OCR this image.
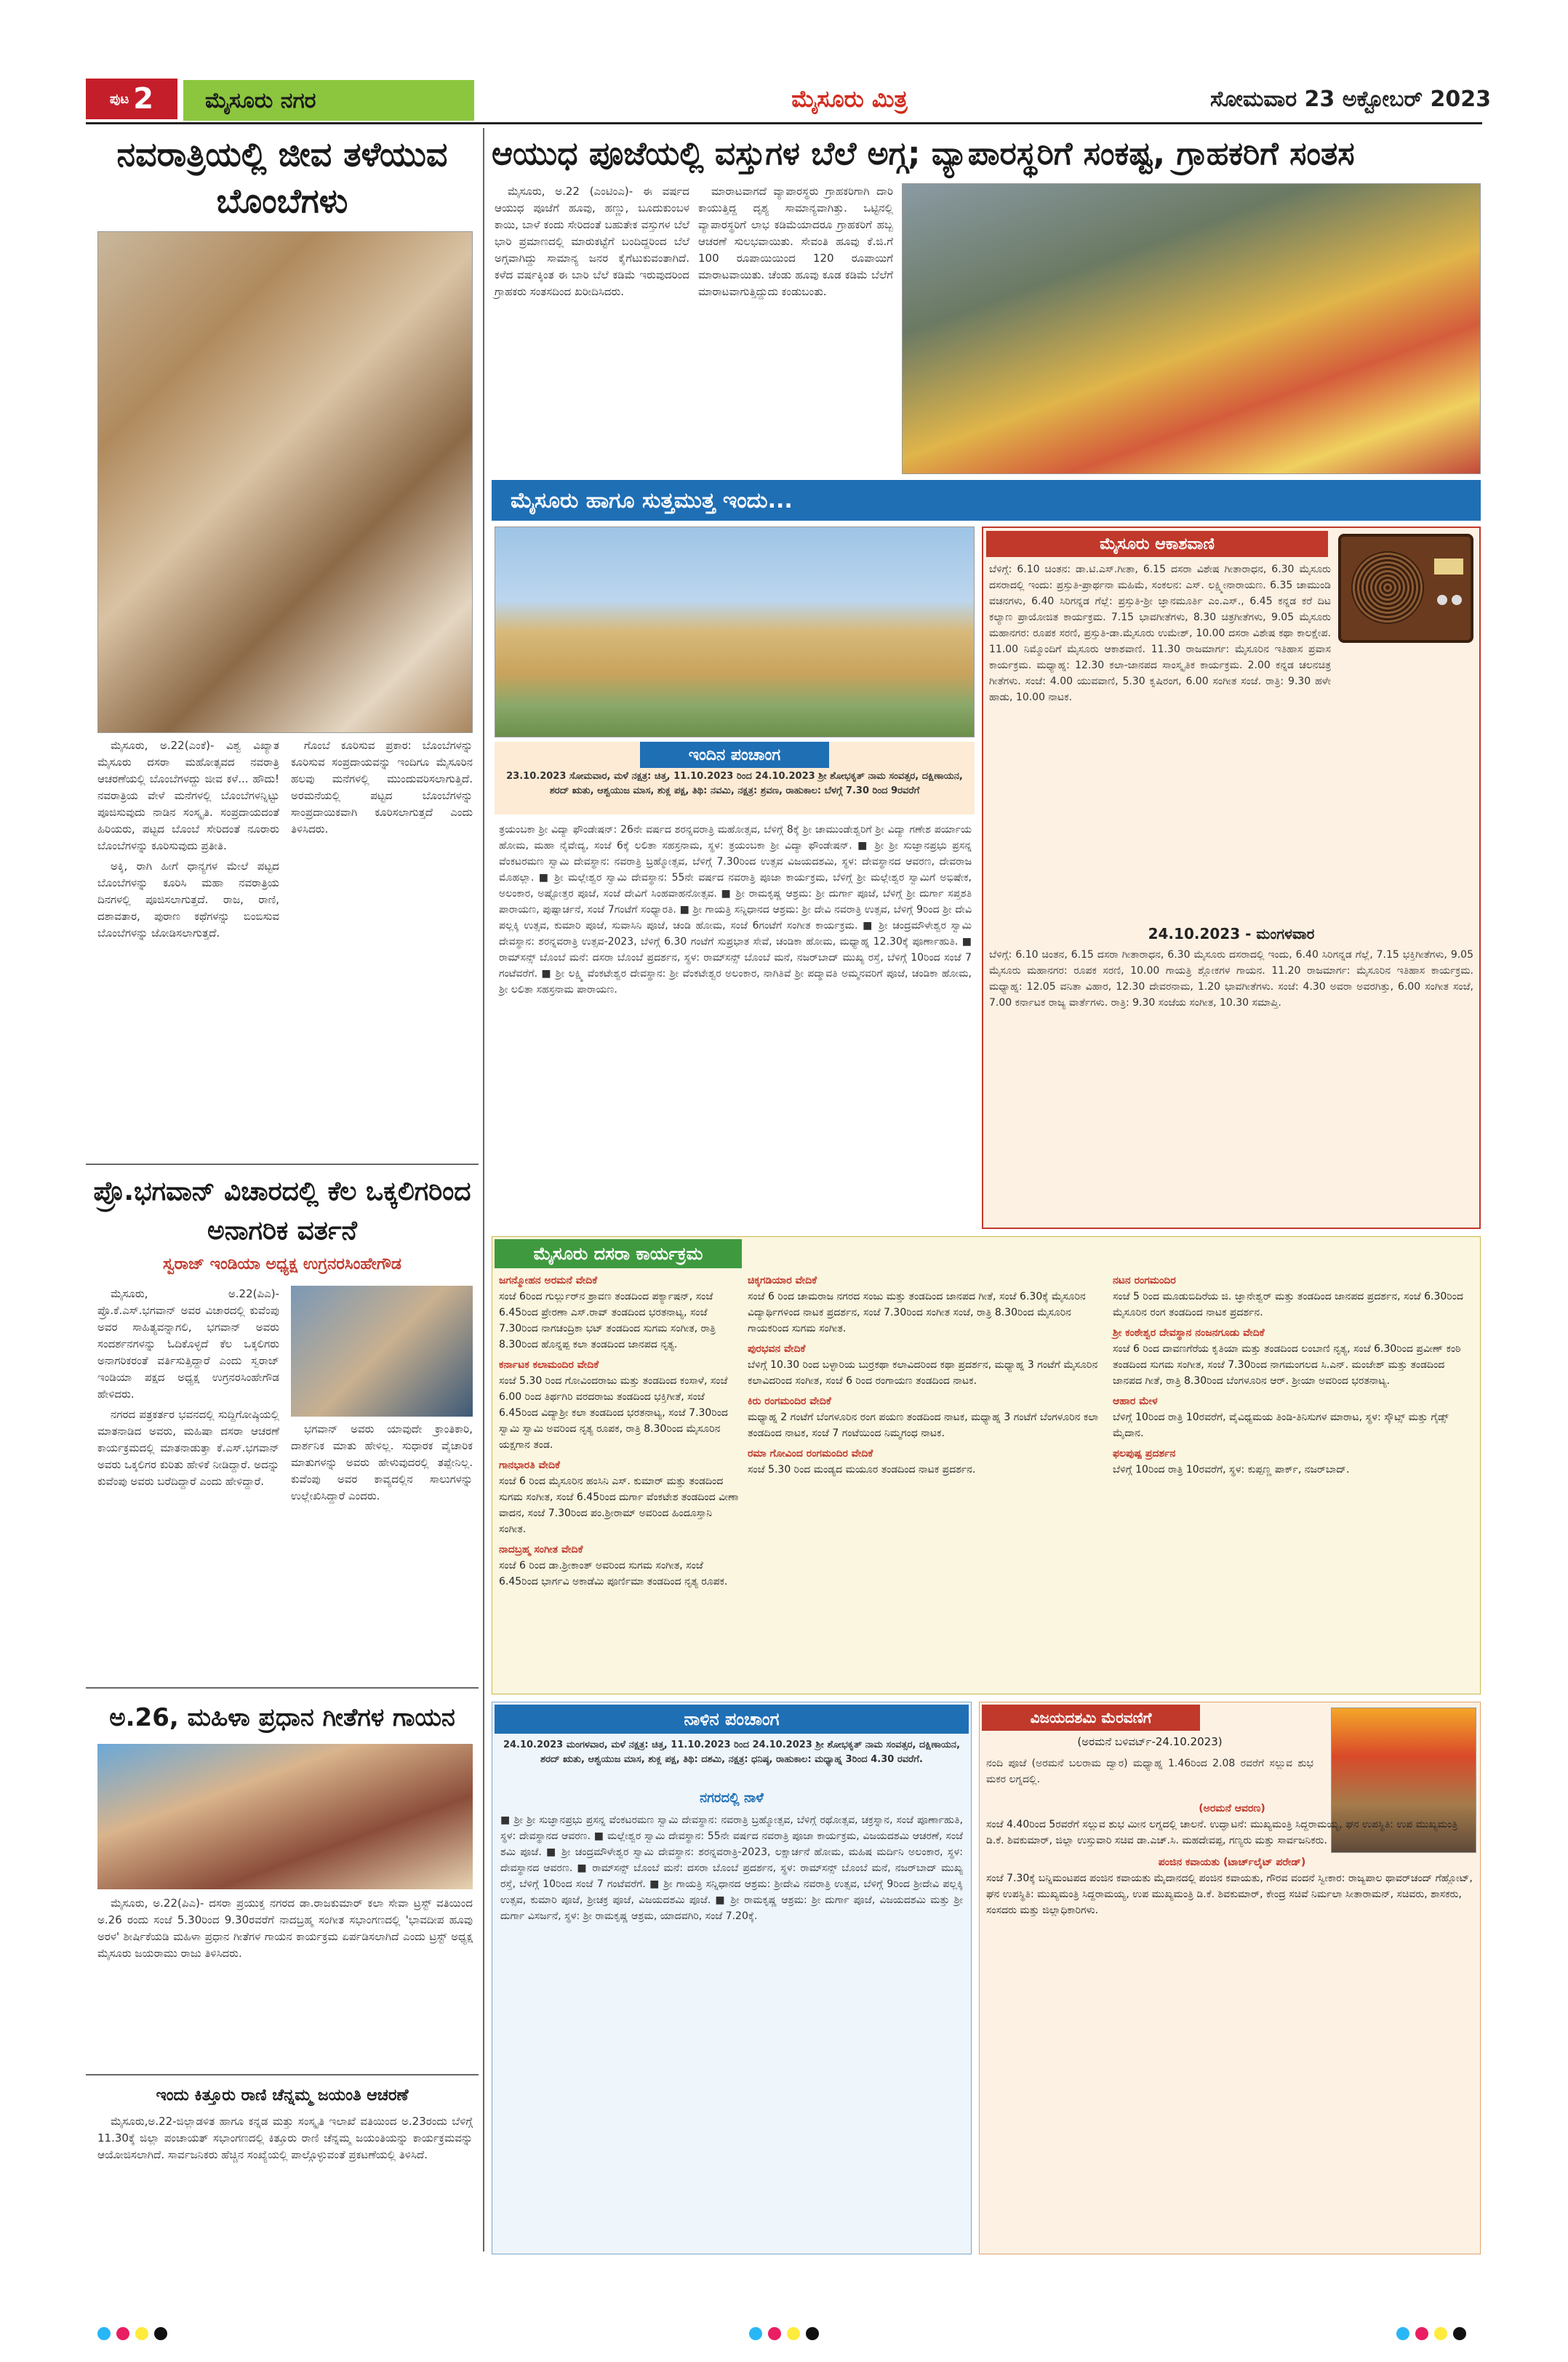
ಪುಟ 2	ಮೈಸೂರು ನಗರ	ಮೈಸೂರು ಮಿತ್ರ	ಸೋಮವಾರ 23 ಅಕ್ಟೋಬರ್ 2023
ನವರಾತ್ರಿಯಲ್ಲಿ ಜೀವ ತಳೆಯುವ ಬೊಂಬೆಗಳು

ಮೈಸೂರು, ಅ.22(ಎಂಕೆ)- ವಿಶ್ವ ವಿಖ್ಯಾತ ಮೈಸೂರು ದಸರಾ ಮಹೋತ್ಸವದ ನವರಾತ್ರಿ ಆಚರಣೆಯಲ್ಲಿ ಬೊಂಬೆಗಳದ್ದು ಜೀವ ಕಳೆ... ಹೌದು! ನವರಾತ್ರಿಯ ವೇಳೆ ಮನೆಗಳಲ್ಲಿ ಬೊಂಬೆಗಳನ್ನಿಟ್ಟು ಪೂಜಿಸುವುದು ನಾಡಿನ ಸಂಸ್ಕೃತಿ. ಸಂಪ್ರದಾಯದಂತೆ ಹಿರಿಯರು, ಪಟ್ಟದ ಬೊಂಬೆ ಸೇರಿದಂತೆ ನೂರಾರು ಬೊಂಬೆಗಳನ್ನು ಕೂರಿಸುವುದು ಪ್ರತೀತಿ.

ಅಕ್ಕಿ, ರಾಗಿ ಹೀಗೆ ಧಾನ್ಯಗಳ ಮೇಲೆ ಪಟ್ಟದ ಬೊಂಬೆಗಳನ್ನು ಕೂರಿಸಿ ಮಹಾ ನವರಾತ್ರಿಯ ದಿನಗಳಲ್ಲಿ ಪೂಜಿಸಲಾಗುತ್ತದೆ. ರಾಜ, ರಾಣಿ, ದಶಾವತಾರ, ಪುರಾಣ ಕಥೆಗಳನ್ನು ಬಿಂಬಿಸುವ ಬೊಂಬೆಗಳನ್ನು ಜೋಡಿಸಲಾಗುತ್ತದೆ.

ಗೊಂಬೆ ಕೂರಿಸುವ ಪ್ರಕಾರ: ಬೊಂಬೆಗಳನ್ನು ಕೂರಿಸುವ ಸಂಪ್ರದಾಯವನ್ನು ಇಂದಿಗೂ ಮೈಸೂರಿನ ಹಲವು ಮನೆಗಳಲ್ಲಿ ಮುಂದುವರಿಸಲಾಗುತ್ತಿದೆ. ಅರಮನೆಯಲ್ಲಿ ಪಟ್ಟದ ಬೊಂಬೆಗಳನ್ನು ಸಾಂಪ್ರದಾಯಿಕವಾಗಿ ಕೂರಿಸಲಾಗುತ್ತದೆ ಎಂದು ತಿಳಿಸಿದರು.

ಪ್ರೊ.ಭಗವಾನ್ ವಿಚಾರದಲ್ಲಿ ಕೆಲ ಒಕ್ಕಲಿಗರಿಂದ ಅನಾಗರಿಕ ವರ್ತನೆ
ಸ್ವರಾಜ್ ಇಂಡಿಯಾ ಅಧ್ಯಕ್ಷ ಉಗ್ರನರಸಿಂಹೇಗೌಡ

ಮೈಸೂರು, ಅ.22(ಪಿಎ)-ಪ್ರೊ.ಕೆ.ಎಸ್.ಭಗವಾನ್ ಅವರ ವಿಚಾರದಲ್ಲಿ ಕುವೆಂಪು ಅವರ ಸಾಹಿತ್ಯವನ್ನಾಗಲಿ, ಭಗವಾನ್ ಅವರು ಸಂದರ್ಶನಗಳನ್ನು ಓದಿಕೊಳ್ಳದೆ ಕೆಲ ಒಕ್ಕಲಿಗರು ಅನಾಗರಿಕರಂತೆ ವರ್ತಿಸುತ್ತಿದ್ದಾರೆ ಎಂದು ಸ್ವರಾಜ್ ಇಂಡಿಯಾ ಪಕ್ಷದ ಅಧ್ಯಕ್ಷ ಉಗ್ರನರಸಿಂಹೇಗೌಡ ಹೇಳಿದರು.

ನಗರದ ಪತ್ರಕರ್ತರ ಭವನದಲ್ಲಿ ಸುದ್ದಿಗೋಷ್ಠಿಯಲ್ಲಿ ಮಾತನಾಡಿದ ಅವರು, ಮಹಿಷಾ ದಸರಾ ಆಚರಣೆ ಕಾರ್ಯಕ್ರಮದಲ್ಲಿ ಮಾತನಾಡುತ್ತಾ ಕೆ.ಎಸ್.ಭಗವಾನ್ ಅವರು ಒಕ್ಕಲಿಗರ ಕುರಿತು ಹೇಳಿಕೆ ನೀಡಿದ್ದಾರೆ. ಅದನ್ನು ಕುವೆಂಪು ಅವರು ಬರೆದಿದ್ದಾರೆ ಎಂದು ಹೇಳಿದ್ದಾರೆ.

ಭಗವಾನ್ ಅವರು ಯಾವುದೇ ಕ್ರಾಂತಿಕಾರಿ, ದಾರ್ಶನಿಕ ಮಾತು ಹೇಳಿಲ್ಲ. ಸುಧಾರಕ ವೈಚಾರಿಕ ಮಾತುಗಳನ್ನು ಅವರು ಹೇಳುವುದರಲ್ಲಿ ತಪ್ಪೇನಿಲ್ಲ. ಕುವೆಂಪು ಅವರ ಕಾವ್ಯದಲ್ಲಿನ ಸಾಲುಗಳನ್ನು ಉಲ್ಲೇಖಿಸಿದ್ದಾರೆ ಎಂದರು.

ಅ.26, ಮಹಿಳಾ ಪ್ರಧಾನ ಗೀತೆಗಳ ಗಾಯನ

ಮೈಸೂರು, ಅ.22(ಪಿಎ)- ದಸರಾ ಪ್ರಯುಕ್ತ ನಗರದ ಡಾ.ರಾಜಕುಮಾರ್ ಕಲಾ ಸೇವಾ ಟ್ರಸ್ಟ್ ವತಿಯಿಂದ ಅ.26 ರಂದು ಸಂಜೆ 5.30ರಿಂದ 9.30ರವರೆಗೆ ನಾದಬ್ರಹ್ಮ ಸಂಗೀತ ಸಭಾಂಗಣದಲ್ಲಿ 'ಭಾವದೀಪ ಹೂವು ಅರಳ' ಶೀರ್ಷಿಕೆಯಡಿ ಮಹಿಳಾ ಪ್ರಧಾನ ಗೀತೆಗಳ ಗಾಯನ ಕಾರ್ಯಕ್ರಮ ಏರ್ಪಡಿಸಲಾಗಿದೆ ಎಂದು ಟ್ರಸ್ಟ್ ಅಧ್ಯಕ್ಷ ಮೈಸೂರು ಜಯರಾಮು ರಾಜು ತಿಳಿಸಿದರು.

ಇಂದು ಕಿತ್ತೂರು ರಾಣಿ ಚೆನ್ನಮ್ಮ ಜಯಂತಿ ಆಚರಣೆ

ಮೈಸೂರು,ಅ.22-ಜಿಲ್ಲಾಡಳಿತ ಹಾಗೂ ಕನ್ನಡ ಮತ್ತು ಸಂಸ್ಕೃತಿ ಇಲಾಖೆ ವತಿಯಿಂದ ಅ.23ರಂದು ಬೆಳಿಗ್ಗೆ 11.30ಕ್ಕೆ ಜಿಲ್ಲಾ ಪಂಚಾಯತ್ ಸಭಾಂಗಣದಲ್ಲಿ ಕಿತ್ತೂರು ರಾಣಿ ಚೆನ್ನಮ್ಮ ಜಯಂತಿಯನ್ನು ಕಾರ್ಯಕ್ರಮವನ್ನು ಆಯೋಜಿಸಲಾಗಿದೆ. ಸಾರ್ವಜನಿಕರು ಹೆಚ್ಚಿನ ಸಂಖ್ಯೆಯಲ್ಲಿ ಪಾಲ್ಗೊಳ್ಳುವಂತೆ ಪ್ರಕಟಣೆಯಲ್ಲಿ ತಿಳಿಸಿದೆ.

ಆಯುಧ ಪೂಜೆಯಲ್ಲಿ ವಸ್ತುಗಳ ಬೆಲೆ ಅಗ್ಗ; ವ್ಯಾಪಾರಸ್ಥರಿಗೆ ಸಂಕಷ್ಟ, ಗ್ರಾಹಕರಿಗೆ ಸಂತಸ

ಮೈಸೂರು, ಅ.22 (ಎಂಟಿಂಎ)- ಈ ವರ್ಷದ ಆಯುಧ ಪೂಜೆಗೆ ಹೂವು, ಹಣ್ಣು, ಬೂದುಕುಂಬಳ ಕಾಯಿ, ಬಾಳೆ ಕಂದು ಸೇರಿದಂತೆ ಬಹುತೇಕ ವಸ್ತುಗಳ ಬೆಲೆ ಭಾರಿ ಪ್ರಮಾಣದಲ್ಲಿ ಮಾರುಕಟ್ಟೆಗೆ ಬಂದಿದ್ದರಿಂದ ಬೆಲೆ ಅಗ್ಗವಾಗಿದ್ದು ಸಾಮಾನ್ಯ ಜನರ ಕೈಗೆಟುಕುವಂತಾಗಿದೆ. ಕಳೆದ ವರ್ಷಕ್ಕಿಂತ ಈ ಬಾರಿ ಬೆಲೆ ಕಡಿಮೆ ಇರುವುದರಿಂದ ಗ್ರಾಹಕರು ಸಂತಸದಿಂದ ಖರೀದಿಸಿದರು.

ಮಾರಾಟವಾಗದೆ ವ್ಯಾಪಾರಸ್ಥರು ಗ್ರಾಹಕರಿಗಾಗಿ ದಾರಿ ಕಾಯುತ್ತಿದ್ದ ದೃಶ್ಯ ಸಾಮಾನ್ಯವಾಗಿತ್ತು. ಒಟ್ಟಿನಲ್ಲಿ ವ್ಯಾಪಾರಸ್ಥರಿಗೆ ಲಾಭ ಕಡಿಮೆಯಾದರೂ ಗ್ರಾಹಕರಿಗೆ ಹಬ್ಬ ಆಚರಣೆ ಸುಲಭವಾಯಿತು. ಸೇವಂತಿ ಹೂವು ಕೆ.ಜಿ.ಗೆ 100 ರೂಪಾಯಿಯಿಂದ 120 ರೂಪಾಯಿಗೆ ಮಾರಾಟವಾಯಿತು. ಚೆಂಡು ಹೂವು ಕೂಡ ಕಡಿಮೆ ಬೆಲೆಗೆ ಮಾರಾಟವಾಗುತ್ತಿದ್ದುದು ಕಂಡುಬಂತು.

ಮೈಸೂರು ಹಾಗೂ ಸುತ್ತಮುತ್ತ ಇಂದು...
ಇಂದಿನ ಪಂಚಾಂಗ
23.10.2023 ಸೋಮವಾರ, ಮಳೆ ನಕ್ಷತ್ರ: ಚಿತ್ತ, 11.10.2023 ರಿಂದ 24.10.2023 ಶ್ರೀ ಶೋಭಕೃತ್ ನಾಮ ಸಂವತ್ಸರ, ದಕ್ಷಿಣಾಯನ, ಶರದ್ ಋತು, ಆಶ್ವಯುಜ ಮಾಸ, ಶುಕ್ಲ ಪಕ್ಷ, ತಿಥಿ: ನವಮಿ, ನಕ್ಷತ್ರ: ಶ್ರವಣ, ರಾಹುಕಾಲ: ಬೆಳಗ್ಗೆ 7.30 ರಿಂದ 9ರವರೆಗೆ
ತ್ರಯಂಬಕಾ ಶ್ರೀ ವಿದ್ಯಾ ಫೌಂಡೇಷನ್: 26ನೇ ವರ್ಷದ ಶರನ್ನವರಾತ್ರಿ ಮಹೋತ್ಸವ, ಬೆಳಿಗ್ಗೆ 8ಕ್ಕೆ ಶ್ರೀ ಚಾಮುಂಡೇಶ್ವರಿಗೆ ಶ್ರೀ ವಿದ್ಯಾ ಗಣೇಶ ಪರ್ಯಾಯ ಹೋಮ, ಮಹಾ ನೈವೇದ್ಯ, ಸಂಜೆ 6ಕ್ಕೆ ಲಲಿತಾ ಸಹಸ್ರನಾಮ, ಸ್ಥಳ: ತ್ರಯಂಬಕಾ ಶ್ರೀ ವಿದ್ಯಾ ಫೌಂಡೇಷನ್. ■ ಶ್ರೀ ಶ್ರೀ ಸುಜ್ಞಾನಪ್ರಭು ಪ್ರಸನ್ನ ವೆಂಕಟರಮಣ ಸ್ವಾಮಿ ದೇವಸ್ಥಾನ: ನವರಾತ್ರಿ ಬ್ರಹ್ಮೋತ್ಸವ, ಬೆಳಿಗ್ಗೆ 7.30ರಿಂದ ಉತ್ಸವ ವಿಜಯದಶಮಿ, ಸ್ಥಳ: ದೇವಸ್ಥಾನದ ಆವರಣ, ದೇವರಾಜ ಮೊಹಲ್ಲಾ. ■ ಶ್ರೀ ಮಲ್ಲೇಶ್ವರ ಸ್ವಾಮಿ ದೇವಸ್ಥಾನ: 55ನೇ ವರ್ಷದ ನವರಾತ್ರಿ ಪೂಜಾ ಕಾರ್ಯಕ್ರಮ, ಬೆಳಿಗ್ಗೆ ಶ್ರೀ ಮಲ್ಲೇಶ್ವರ ಸ್ವಾಮಿಗೆ ಅಭಿಷೇಕ, ಅಲಂಕಾರ, ಅಷ್ಟೋತ್ತರ ಪೂಜೆ, ಸಂಜೆ ದೇವಿಗೆ ಸಿಂಹವಾಹನೋತ್ಸವ. ■ ಶ್ರೀ ರಾಮಕೃಷ್ಣ ಆಶ್ರಮ: ಶ್ರೀ ದುರ್ಗಾ ಪೂಜೆ, ಬೆಳಿಗ್ಗೆ ಶ್ರೀ ದುರ್ಗಾ ಸಪ್ತಶತಿ ಪಾರಾಯಣ, ಪುಷ್ಪಾರ್ಚನೆ, ಸಂಜೆ 7ಗಂಟೆಗೆ ಸಂಧ್ಯಾರತಿ. ■ ಶ್ರೀ ಗಾಯತ್ರಿ ಸನ್ನಿಧಾನದ ಆಶ್ರಮ: ಶ್ರೀ ದೇವಿ ನವರಾತ್ರಿ ಉತ್ಸವ, ಬೆಳಿಗ್ಗೆ 9ರಿಂದ ಶ್ರೀ ದೇವಿ ಪಲ್ಲಕ್ಕಿ ಉತ್ಸವ, ಕುಮಾರಿ ಪೂಜೆ, ಸುವಾಸಿನಿ ಪೂಜೆ, ಚಂಡಿ ಹೋಮ, ಸಂಜೆ 6ಗಂಟೆಗೆ ಸಂಗೀತ ಕಾರ್ಯಕ್ರಮ. ■ ಶ್ರೀ ಚಂದ್ರಮೌಳೇಶ್ವರ ಸ್ವಾಮಿ ದೇವಸ್ಥಾನ: ಶರನ್ನವರಾತ್ರಿ ಉತ್ಸವ-2023, ಬೆಳಿಗ್ಗೆ 6.30 ಗಂಟೆಗೆ ಸುಪ್ರಭಾತ ಸೇವೆ, ಚಂಡಿಕಾ ಹೋಮ, ಮಧ್ಯಾಹ್ನ 12.30ಕ್ಕೆ ಪೂರ್ಣಾಹುತಿ. ■ ರಾಮ್‍ಸನ್ಸ್ ಬೊಂಬೆ ಮನೆ: ದಸರಾ ಬೊಂಬೆ ಪ್ರದರ್ಶನ, ಸ್ಥಳ: ರಾಮ್‍ಸನ್ಸ್ ಬೊಂಬೆ ಮನೆ, ನಜರ್‌ಬಾದ್ ಮುಖ್ಯ ರಸ್ತೆ, ಬೆಳಿಗ್ಗೆ 10ರಿಂದ ಸಂಜೆ 7 ಗಂಟೆವರೆಗೆ. ■ ಶ್ರೀ ಲಕ್ಷ್ಮಿ ವೆಂಕಟೇಶ್ವರ ದೇವಸ್ಥಾನ: ಶ್ರೀ ವೆಂಕಟೇಶ್ವರ ಅಲಂಕಾರ, ನಾಗಿತಿವೆ ಶ್ರೀ ಪದ್ಮಾವತಿ ಅಮ್ಮನವರಿಗೆ ಪೂಜೆ, ಚಂಡಿಕಾ ಹೋಮ, ಶ್ರೀ ಲಲಿತಾ ಸಹಸ್ರನಾಮ ಪಾರಾಯಣ.
ಮೈಸೂರು ಆಕಾಶವಾಣಿ
ಬೆಳಿಗ್ಗೆ: 6.10 ಚಿಂತನ: ಡಾ.ಟಿ.ಎಸ್.ಗೀತಾ, 6.15 ದಸರಾ ವಿಶೇಷ ಗೀತಾರಾಧನ, 6.30 ಮೈಸೂರು ದಸರಾದಲ್ಲಿ ಇಂದು: ಪ್ರಸ್ತುತಿ-ಪ್ರಾರ್ಥನಾ ಮಹಿಮೆ, ಸಂಕಲನ: ಎಸ್. ಲಕ್ಷ್ಮೀನಾರಾಯಣ. 6.35 ಚಾಮುಂಡಿ ವಚನಗಳು, 6.40 ಸಿರಿಗನ್ನಡ ಗೆಲ್ಲೆ: ಪ್ರಸ್ತುತಿ-ಶ್ರೀ ಜ್ಞಾನಮೂರ್ತಿ ಎಂ.ಎಸ್., 6.45 ಕನ್ನಡ ಕರೆ ದಿಟ ಕಲ್ಯಾಣ ಪ್ರಾಯೋಜಿತ ಕಾರ್ಯಕ್ರಮ. 7.15 ಭಾವಗೀತೆಗಳು, 8.30 ಚಿತ್ರಗೀತೆಗಳು, 9.05 ಮೈಸೂರು ಮಹಾನಗರ: ರೂಪಕ ಸರಣಿ, ಪ್ರಸ್ತುತಿ-ಡಾ.ಮೈಸೂರು ಉಮೇಶ್, 10.00 ದಸರಾ ವಿಶೇಷ ಕಥಾ ಕಾಲಕ್ಷೇಪ. 11.00 ನಿಮ್ಮೊಂದಿಗೆ ಮೈಸೂರು ಆಕಾಶವಾಣಿ. 11.30 ರಾಜಮಾರ್ಗ: ಮೈಸೂರಿನ ಇತಿಹಾಸ ಪ್ರವಾಸ ಕಾರ್ಯಕ್ರಮ. ಮಧ್ಯಾಹ್ನ: 12.30 ಕಲಾ-ಜಾನಪದ ಸಾಂಸ್ಕೃತಿಕ ಕಾರ್ಯಕ್ರಮ. 2.00 ಕನ್ನಡ ಚಲನಚಿತ್ರ ಗೀತೆಗಳು. ಸಂಜೆ: 4.00 ಯುವವಾಣಿ, 5.30 ಕೃಷಿರಂಗ, 6.00 ಸಂಗೀತ ಸಂಜೆ. ರಾತ್ರಿ: 9.30 ಹಳೇ ಹಾಡು, 10.00 ನಾಟಕ.
24.10.2023 - ಮಂಗಳವಾರ
ಬೆಳಿಗ್ಗೆ: 6.10 ಚಿಂತನ, 6.15 ದಸರಾ ಗೀತಾರಾಧನ, 6.30 ಮೈಸೂರು ದಸರಾದಲ್ಲಿ ಇಂದು, 6.40 ಸಿರಿಗನ್ನಡ ಗೆಲ್ಲೆ, 7.15 ಭಕ್ತಿಗೀತೆಗಳು, 9.05 ಮೈಸೂರು ಮಹಾನಗರ: ರೂಪಕ ಸರಣಿ, 10.00 ಗಾಯತ್ರಿ ಶ್ಲೋಕಗಳ ಗಾಯನ. 11.20 ರಾಜಮಾರ್ಗ: ಮೈಸೂರಿನ ಇತಿಹಾಸ ಕಾರ್ಯಕ್ರಮ. ಮಧ್ಯಾಹ್ನ: 12.05 ವನಿತಾ ವಿಹಾರ, 12.30 ದೇವರನಾಮ, 1.20 ಭಾವಗೀತೆಗಳು. ಸಂಜೆ: 4.30 ಅವರಾ ಅವರಗಿತ್ತು, 6.00 ಸಂಗೀತ ಸಂಜೆ, 7.00 ಕರ್ನಾಟಕ ರಾಜ್ಯ ವಾರ್ತೆಗಳು. ರಾತ್ರಿ: 9.30 ಸಂಜೆಯ ಸಂಗೀತ, 10.30 ಸಮಾಪ್ತಿ.
ಮೈಸೂರು ದಸರಾ ಕಾರ್ಯಕ್ರಮ
ಜಗನ್ಮೋಹನ ಅರಮನೆ ವೇದಿಕೆ
ಸಂಜೆ 6ರಿಂದ ಗುರ್ಲ್ಲುರ್‌ನ ಶ್ರಾವಣ ತಂಡದಿಂದ ಪರ್ಕ್ಯಾಷನ್, ಸಂಜೆ 6.45ರಿಂದ ಪ್ರೇರಣಾ ಎಸ್.ರಾವ್ ತಂಡದಿಂದ ಭರತನಾಟ್ಯ, ಸಂಜೆ 7.30ರಿಂದ ನಾಗಚಂದ್ರಿಕಾ ಭಟ್ ತಂಡದಿಂದ ಸುಗಮ ಸಂಗೀತ, ರಾತ್ರಿ 8.30ರಿಂದ ಹೊನ್ನಪ್ಪ ಕಲಾ ತಂಡದಿಂದ ಜಾನಪದ ನೃತ್ಯ.
ಕರ್ನಾಟಕ ಕಲಾಮಂದಿರ ವೇದಿಕೆ
ಸಂಜೆ 5.30 ರಿಂದ ಗೋವಿಂದರಾಜು ಮತ್ತು ತಂಡದಿಂದ ಕಂಸಾಳೆ, ಸಂಜೆ 6.00 ರಿಂದ ತಿರ್ಥಗಿರಿ ವರದರಾಜು ತಂಡದಿಂದ ಭಕ್ತಿಗೀತೆ, ಸಂಜೆ 6.45ರಿಂದ ವಿದ್ಯಾಶ್ರೀ ಕಲಾ ತಂಡದಿಂದ ಭರತನಾಟ್ಯ, ಸಂಜೆ 7.30ರಿಂದ ಸ್ವಾಮಿ ಸ್ವಾಮಿ ಅವರಿಂದ ನೃತ್ಯ ರೂಪಕ, ರಾತ್ರಿ 8.30ರಿಂದ ಮೈಸೂರಿನ ಯಕ್ಷಗಾನ ತಂಡ.
ಗಾನಭಾರತಿ ವೇದಿಕೆ
ಸಂಜೆ 6 ರಿಂದ ಮೈಸೂರಿನ ಹಂಸಿನಿ ಎಸ್. ಕುಮಾರ್ ಮತ್ತು ತಂಡದಿಂದ ಸುಗಮ ಸಂಗೀತ, ಸಂಜೆ 6.45ರಿಂದ ದುರ್ಗಾ ವೆಂಕಟೇಶ ತಂಡದಿಂದ ವೀಣಾ ವಾದನ, ಸಂಜೆ 7.30ರಿಂದ ಪಂ.ಶ್ರೀರಾಮ್ ಅವರಿಂದ ಹಿಂದೂಸ್ತಾನಿ ಸಂಗೀತ.
ನಾದಬ್ರಹ್ಮ ಸಂಗೀತ ವೇದಿಕೆ
ಸಂಜೆ 6 ರಿಂದ ಡಾ.ಶ್ರೀಕಾಂತ್ ಅವರಿಂದ ಸುಗಮ ಸಂಗೀತ, ಸಂಜೆ 6.45ರಿಂದ ಭಾರ್ಗವಿ ಅಕಾಡೆಮಿ ಪೂರ್ಣಿಮಾ ತಂಡದಿಂದ ನೃತ್ಯ ರೂಪಕ.
ಚಿಕ್ಕಗಡಿಯಾರ ವೇದಿಕೆ
ಸಂಜೆ 6 ರಿಂದ ಚಾಮರಾಜ ನಗರದ ಸಂಜು ಮತ್ತು ತಂಡದಿಂದ ಜಾನಪದ ಗೀತೆ, ಸಂಜೆ 6.30ಕ್ಕೆ ಮೈಸೂರಿನ ವಿದ್ಯಾರ್ಥಿಗಳಿಂದ ನಾಟಕ ಪ್ರದರ್ಶನ, ಸಂಜೆ 7.30ರಿಂದ ಸಂಗೀತ ಸಂಜೆ, ರಾತ್ರಿ 8.30ರಿಂದ ಮೈಸೂರಿನ ಗಾಯಕರಿಂದ ಸುಗಮ ಸಂಗೀತ.
ಪುರಭವನ ವೇದಿಕೆ
ಬೆಳಿಗ್ಗೆ 10.30 ರಿಂದ ಬಳ್ಳಾರಿಯ ಬುರ್ರಕಥಾ ಕಲಾವಿದರಿಂದ ಕಥಾ ಪ್ರದರ್ಶನ, ಮಧ್ಯಾಹ್ನ 3 ಗಂಟೆಗೆ ಮೈಸೂರಿನ ಕಲಾವಿದರಿಂದ ಸಂಗೀತ, ಸಂಜೆ 6 ರಿಂದ ರಂಗಾಯಣ ತಂಡದಿಂದ ನಾಟಕ.
ಕಿರು ರಂಗಮಂದಿರ ವೇದಿಕೆ
ಮಧ್ಯಾಹ್ನ 2 ಗಂಟೆಗೆ ಬೆಂಗಳೂರಿನ ರಂಗ ಪಯಣ ತಂಡದಿಂದ ನಾಟಕ, ಮಧ್ಯಾಹ್ನ 3 ಗಂಟೆಗೆ ಬೆಂಗಳೂರಿನ ಕಲಾ ತಂಡದಿಂದ ನಾಟಕ, ಸಂಜೆ 7 ಗಂಟೆಯಿಂದ ನಿಮ್ಮಗಂಧ ನಾಟಕ.
ರಮಾ ಗೋವಿಂದ ರಂಗಮಂದಿರ ವೇದಿಕೆ
ಸಂಜೆ 5.30 ರಿಂದ ಮಂಡ್ಯದ ಮಯೂರ ತಂಡದಿಂದ ನಾಟಕ ಪ್ರದರ್ಶನ.
ನಟನ ರಂಗಮಂದಿರ
ಸಂಜೆ 5 ರಿಂದ ಮೂಡುಬಿದಿರೆಯ ಜಿ. ಜ್ಞಾನೇಶ್ವರ್ ಮತ್ತು ತಂಡದಿಂದ ಜಾನಪದ ಪ್ರದರ್ಶನ, ಸಂಜೆ 6.30ರಿಂದ ಮೈಸೂರಿನ ರಂಗ ತಂಡದಿಂದ ನಾಟಕ ಪ್ರದರ್ಶನ.
ಶ್ರೀ ಕಂಠೇಶ್ವರ ದೇವಸ್ಥಾನ ನಂಜನಗೂಡು ವೇದಿಕೆ
ಸಂಜೆ 6 ರಿಂದ ದಾವಣಗೆರೆಯ ಕೃತಿಯಾ ಮತ್ತು ತಂಡದಿಂದ ಲಂಬಾಣಿ ನೃತ್ಯ, ಸಂಜೆ 6.30ರಿಂದ ಪ್ರವೀಣ್ ಕಂಠಿ ತಂಡದಿಂದ ಸುಗಮ ಸಂಗೀತ, ಸಂಜೆ 7.30ರಿಂದ ನಾಗಮಂಗಲದ ಸಿ.ಎನ್. ಮಂಜೇಶ್ ಮತ್ತು ತಂಡದಿಂದ ಜಾನಪದ ಗೀತೆ, ರಾತ್ರಿ 8.30ರಿಂದ ಬೆಂಗಳೂರಿನ ಆರ್. ಶ್ರೀಯಾ ಅವರಿಂದ ಭರತನಾಟ್ಯ.
ಆಹಾರ ಮೇಳ
ಬೆಳಿಗ್ಗೆ 10ರಿಂದ ರಾತ್ರಿ 10ರವರೆಗೆ, ವೈವಿಧ್ಯಮಯ ತಿಂಡಿ-ತಿನಿಸುಗಳ ಮಾರಾಟ, ಸ್ಥಳ: ಸ್ಕೌಟ್ಸ್ ಮತ್ತು ಗೈಡ್ಸ್ ಮೈದಾನ.
ಫಲಪುಷ್ಪ ಪ್ರದರ್ಶನ
ಬೆಳಿಗ್ಗೆ 10ರಿಂದ ರಾತ್ರಿ 10ರವರೆಗೆ, ಸ್ಥಳ: ಕುಪ್ಪಣ್ಣ ಪಾರ್ಕ್, ನಜರ್‌ಬಾದ್.
ನಾಳಿನ ಪಂಚಾಂಗ
24.10.2023 ಮಂಗಳವಾರ, ಮಳೆ ನಕ್ಷತ್ರ: ಚಿತ್ತ, 11.10.2023 ರಿಂದ 24.10.2023 ಶ್ರೀ ಶೋಭಕೃತ್ ನಾಮ ಸಂವತ್ಸರ, ದಕ್ಷಿಣಾಯನ, ಶರದ್ ಋತು, ಆಶ್ವಯುಜ ಮಾಸ, ಶುಕ್ಲ ಪಕ್ಷ, ತಿಥಿ: ದಶಮಿ, ನಕ್ಷತ್ರ: ಧನಿಷ್ಠ, ರಾಹುಕಾಲ: ಮಧ್ಯಾಹ್ನ 3ರಿಂದ 4.30 ರವರೆಗೆ.
ನಗರದಲ್ಲಿ ನಾಳೆ
■ ಶ್ರೀ ಶ್ರೀ ಸುಜ್ಞಾನಪ್ರಭು ಪ್ರಸನ್ನ ವೆಂಕಟರಮಣ ಸ್ವಾಮಿ ದೇವಸ್ಥಾನ: ನವರಾತ್ರಿ ಬ್ರಹ್ಮೋತ್ಸವ, ಬೆಳಿಗ್ಗೆ ರಥೋತ್ಸವ, ಚಕ್ರಸ್ನಾನ, ಸಂಜೆ ಪೂರ್ಣಾಹುತಿ, ಸ್ಥಳ: ದೇವಸ್ಥಾನದ ಆವರಣ. ■ ಮಲ್ಲೇಶ್ವರ ಸ್ವಾಮಿ ದೇವಸ್ಥಾನ: 55ನೇ ವರ್ಷದ ನವರಾತ್ರಿ ಪೂಜಾ ಕಾರ್ಯಕ್ರಮ, ವಿಜಯದಶಮಿ ಆಚರಣೆ, ಸಂಜೆ ಶಮಿ ಪೂಜೆ. ■ ಶ್ರೀ ಚಂದ್ರಮೌಳೇಶ್ವರ ಸ್ವಾಮಿ ದೇವಸ್ಥಾನ: ಶರನ್ನವರಾತ್ರಿ-2023, ಲಕ್ಷಾರ್ಚನೆ ಹೋಮ, ಮಹಿಷ ಮರ್ದಿನಿ ಅಲಂಕಾರ, ಸ್ಥಳ: ದೇವಸ್ಥಾನದ ಆವರಣ. ■ ರಾಮ್‍ಸನ್ಸ್ ಬೊಂಬೆ ಮನೆ: ದಸರಾ ಬೊಂಬೆ ಪ್ರದರ್ಶನ, ಸ್ಥಳ: ರಾಮ್‍ಸನ್ಸ್ ಬೊಂಬೆ ಮನೆ, ನಜರ್‌ಬಾದ್ ಮುಖ್ಯ ರಸ್ತೆ, ಬೆಳಿಗ್ಗೆ 10ರಿಂದ ಸಂಜೆ 7 ಗಂಟೆವರೆಗೆ. ■ ಶ್ರೀ ಗಾಯತ್ರಿ ಸನ್ನಿಧಾನದ ಆಶ್ರಮ: ಶ್ರೀದೇವಿ ನವರಾತ್ರಿ ಉತ್ಸವ, ಬೆಳಿಗ್ಗೆ 9ರಿಂದ ಶ್ರೀದೇವಿ ಪಲ್ಲಕ್ಕಿ ಉತ್ಸವ, ಕುಮಾರಿ ಪೂಜೆ, ಶ್ರೀಚಕ್ರ ಪೂಜೆ, ವಿಜಯದಶಮಿ ಪೂಜೆ. ■ ಶ್ರೀ ರಾಮಕೃಷ್ಣ ಆಶ್ರಮ: ಶ್ರೀ ದುರ್ಗಾ ಪೂಜೆ, ವಿಜಯದಶಮಿ ಮತ್ತು ಶ್ರೀ ದುರ್ಗಾ ವಿಸರ್ಜನೆ, ಸ್ಥಳ: ಶ್ರೀ ರಾಮಕೃಷ್ಣ ಆಶ್ರಮ, ಯಾದವಗಿರಿ, ಸಂಜೆ 7.20ಕ್ಕೆ.
ವಿಜಯದಶಮಿ ಮೆರವಣಿಗೆ
(ಅರಮನೆ ಬಳಿವರ್ಟ್-24.10.2023)
ನಂದಿ ಪೂಜೆ (ಅರಮನೆ ಬಲರಾಮ ದ್ವಾರ) ಮಧ್ಯಾಹ್ನ 1.46ರಿಂದ 2.08 ರವರೆಗೆ ಸಲ್ಲುವ ಶುಭ ಮಕರ ಲಗ್ನದಲ್ಲಿ.
(ಅರಮನೆ ಆವರಣ)
ಸಂಜೆ 4.40ರಿಂದ 5ರವರೆಗೆ ಸಲ್ಲುವ ಶುಭ ಮೀನ ಲಗ್ನದಲ್ಲಿ ಚಾಲನೆ. ಉದ್ಘಾಟನೆ: ಮುಖ್ಯಮಂತ್ರಿ ಸಿದ್ದರಾಮಯ್ಯ, ಘನ ಉಪಸ್ಥಿತಿ: ಉಪ ಮುಖ್ಯಮಂತ್ರಿ ಡಿ.ಕೆ. ಶಿವಕುಮಾರ್, ಜಿಲ್ಲಾ ಉಸ್ತುವಾರಿ ಸಚಿವ ಡಾ.ಎಚ್.ಸಿ. ಮಹದೇವಪ್ಪ, ಗಣ್ಯರು ಮತ್ತು ಸಾರ್ವಜನಿಕರು.
ಪಂಜಿನ ಕವಾಯತು (ಟಾರ್ಚ್‌ಲೈಟ್ ಪರೇಡ್)
ಸಂಜೆ 7.30ಕ್ಕೆ ಬನ್ನಿಮಂಟಪದ ಪಂಜಿನ ಕವಾಯತು ಮೈದಾನದಲ್ಲಿ ಪಂಜಿನ ಕವಾಯತು, ಗೌರವ ವಂದನೆ ಸ್ವೀಕಾರ: ರಾಜ್ಯಪಾಲ ಥಾವರ್‌ಚಂದ್ ಗೆಹ್ಲೋಟ್, ಘನ ಉಪಸ್ಥಿತಿ: ಮುಖ್ಯಮಂತ್ರಿ ಸಿದ್ದರಾಮಯ್ಯ, ಉಪ ಮುಖ್ಯಮಂತ್ರಿ ಡಿ.ಕೆ. ಶಿವಕುಮಾರ್, ಕೇಂದ್ರ ಸಚಿವೆ ನಿರ್ಮಲಾ ಸೀತಾರಾಮನ್, ಸಚಿವರು, ಶಾಸಕರು, ಸಂಸದರು ಮತ್ತು ಜಿಲ್ಲಾಧಿಕಾರಿಗಳು.
